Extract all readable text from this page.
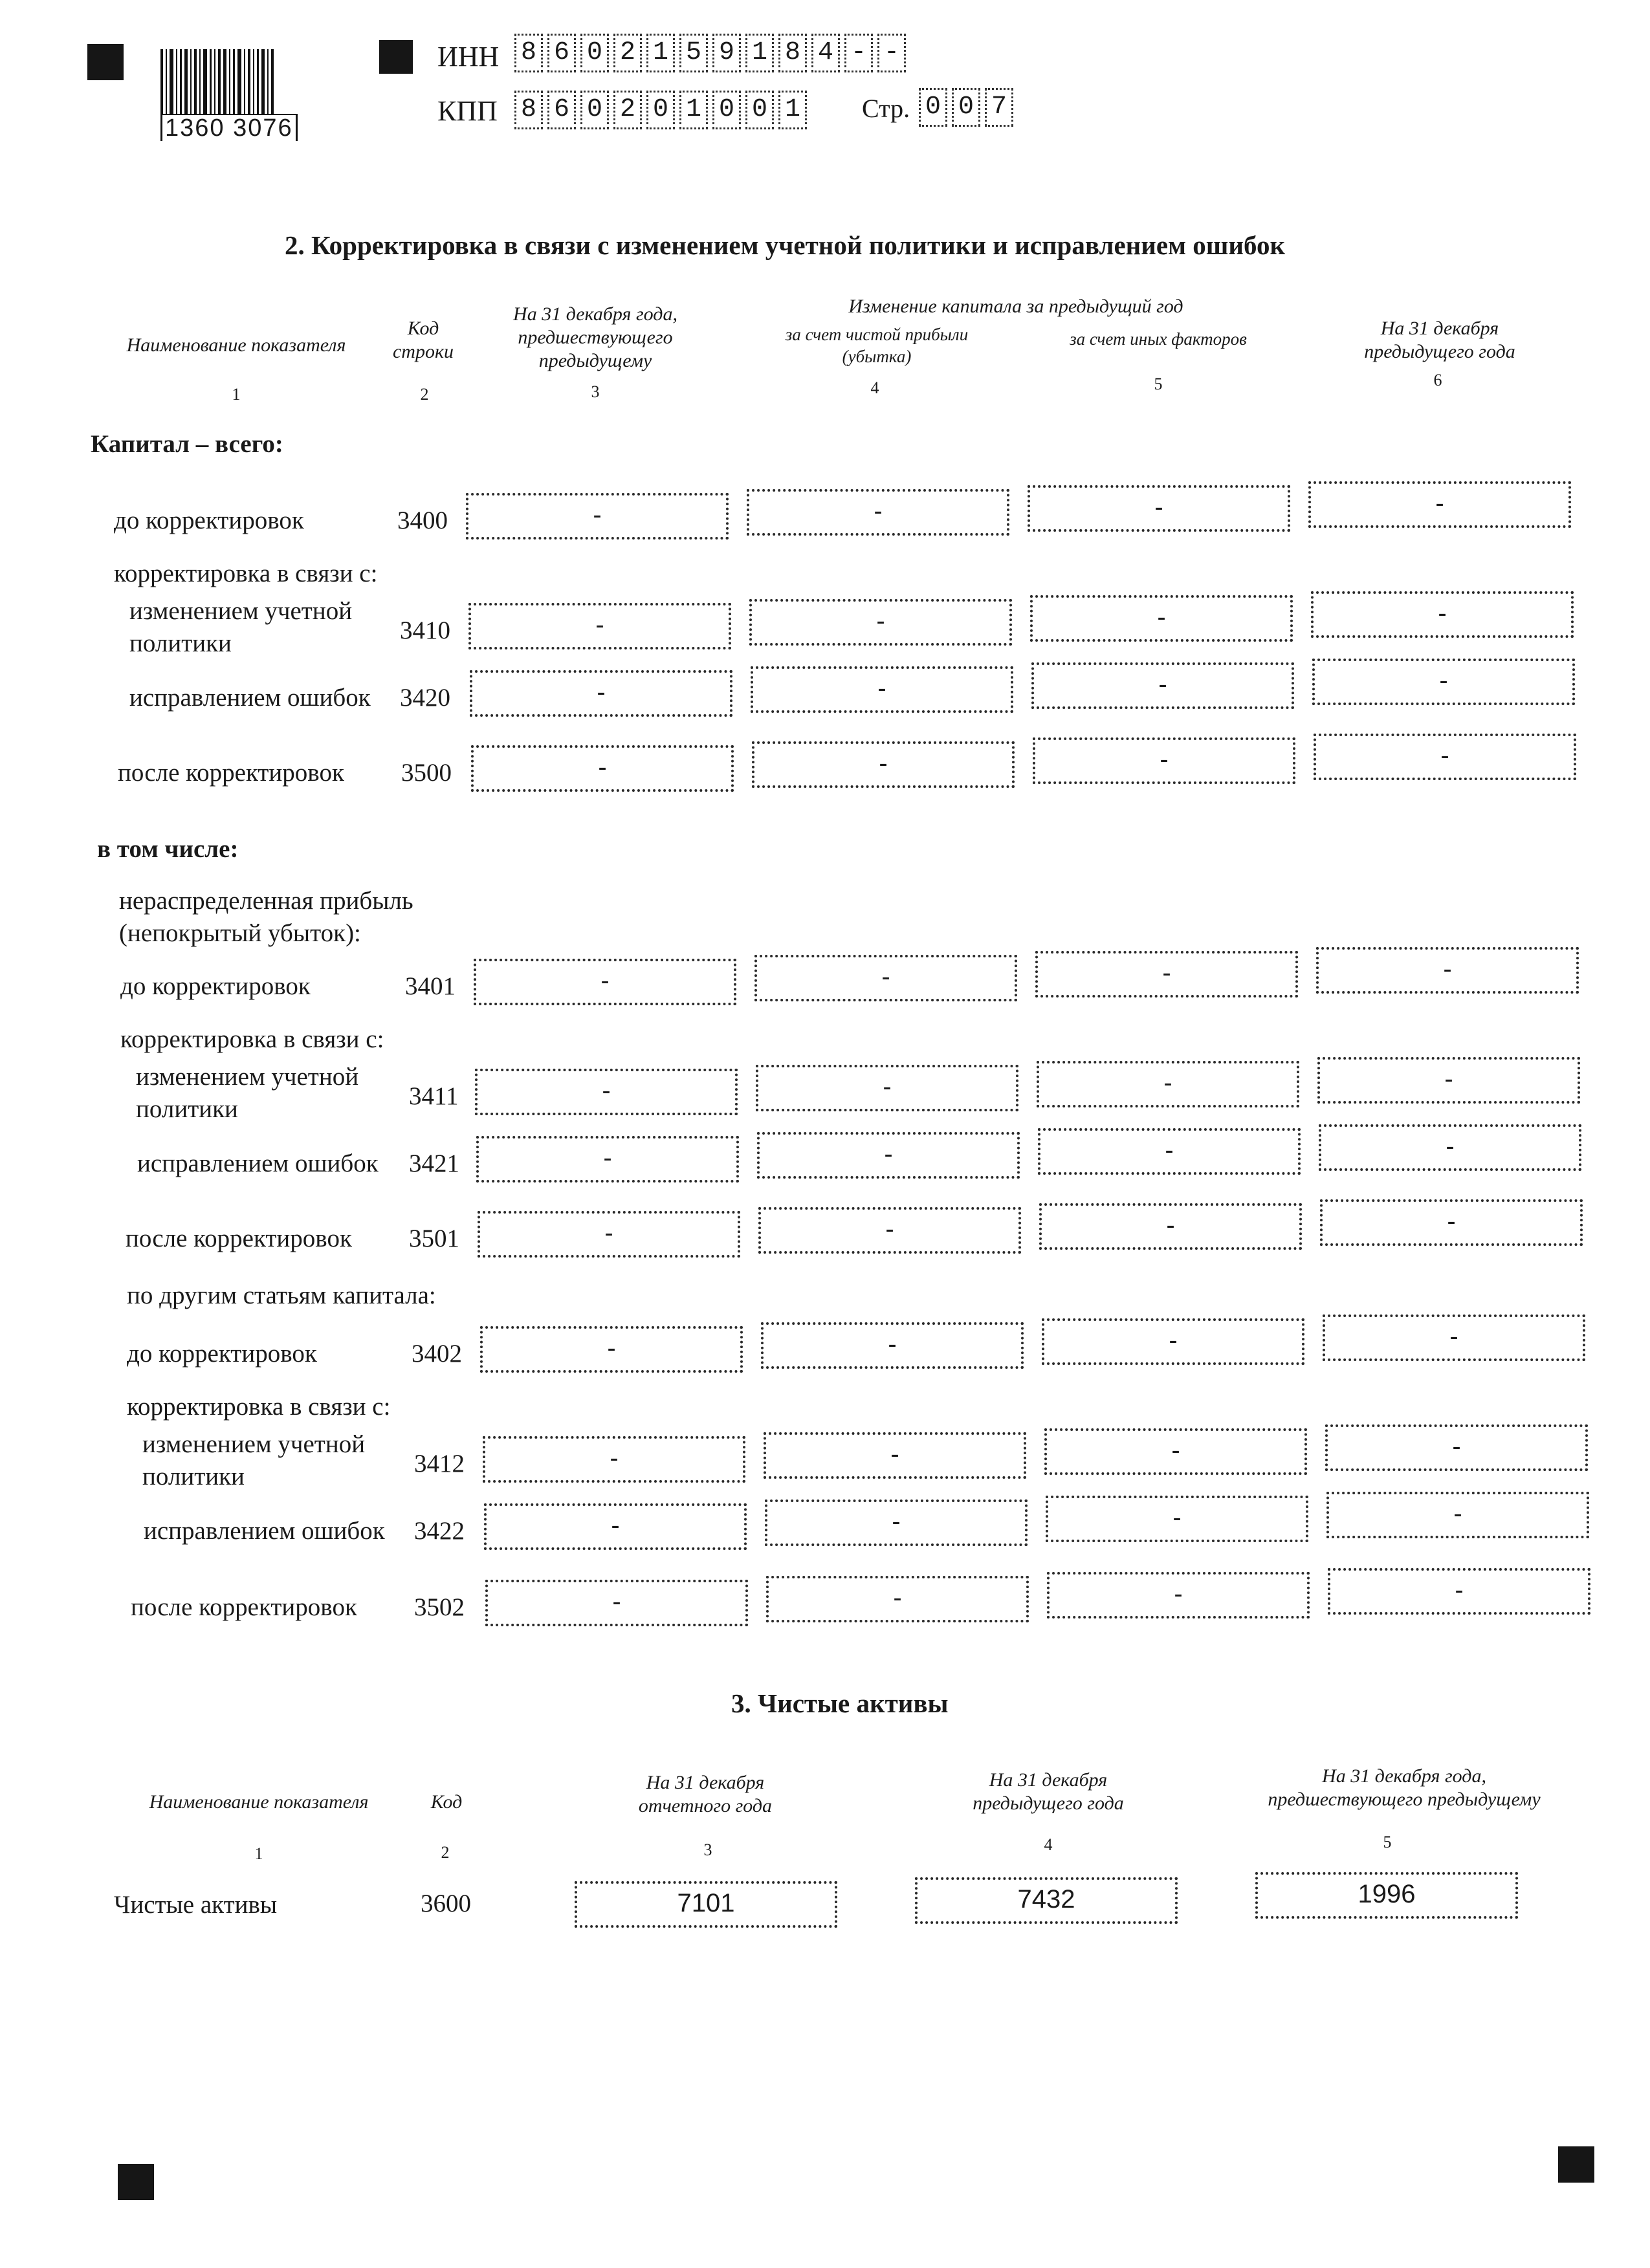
1360 3076
ИНН 8 6 0 2 1 5 9 1 8 4 - -
КПП 8 6 0 2 0 1 0 0 1 Стр. 0 0 7
2. Корректировка в связи с изменением учетной политики и исправлением ошибок
Наименование показателя
Код строки
На 31 декабря года, предшествующего предыдущему
Изменение капитала за предыдущий год
за счет чистой прибыли (убытка)
за счет иных факторов	На 31 декабря предыдущего года
1	2	3	4	5	6
Капитал – всего:
в том числе:
нераспределенная прибыль (непокрытый убыток):
по другим статьям капитала:
до корректировок	3400	-	-	-	-
корректировка в связи с:
изменением учетной политики	3410	-	-	-	-
исправлением ошибок 3420	-	-	-	-
после корректировок 3500	-	-	-	-
до корректировок	3401	-	-	-	-
корректировка в связи с:
изменением учетной политики	3411	-	-	-	-
исправлением ошибок 3421	-	-	-	-
после корректировок 3501	-	-	-	-
до корректировок	3402	-	-	-	-
корректировка в связи с:
изменением учетной политики	3412	-	-	-	-
исправлением ошибок 3422	-	-	-	-
после корректировок 3502	-	-	-	-
3. Чистые активы
Наименование показателя	Код
На 31 декабря отчетного года
На 31 декабря предыдущего года
На 31 декабря года, предшествующего предыдущему
1	2	3	4	5
Чистые активы	3600	7101	7432	1996
